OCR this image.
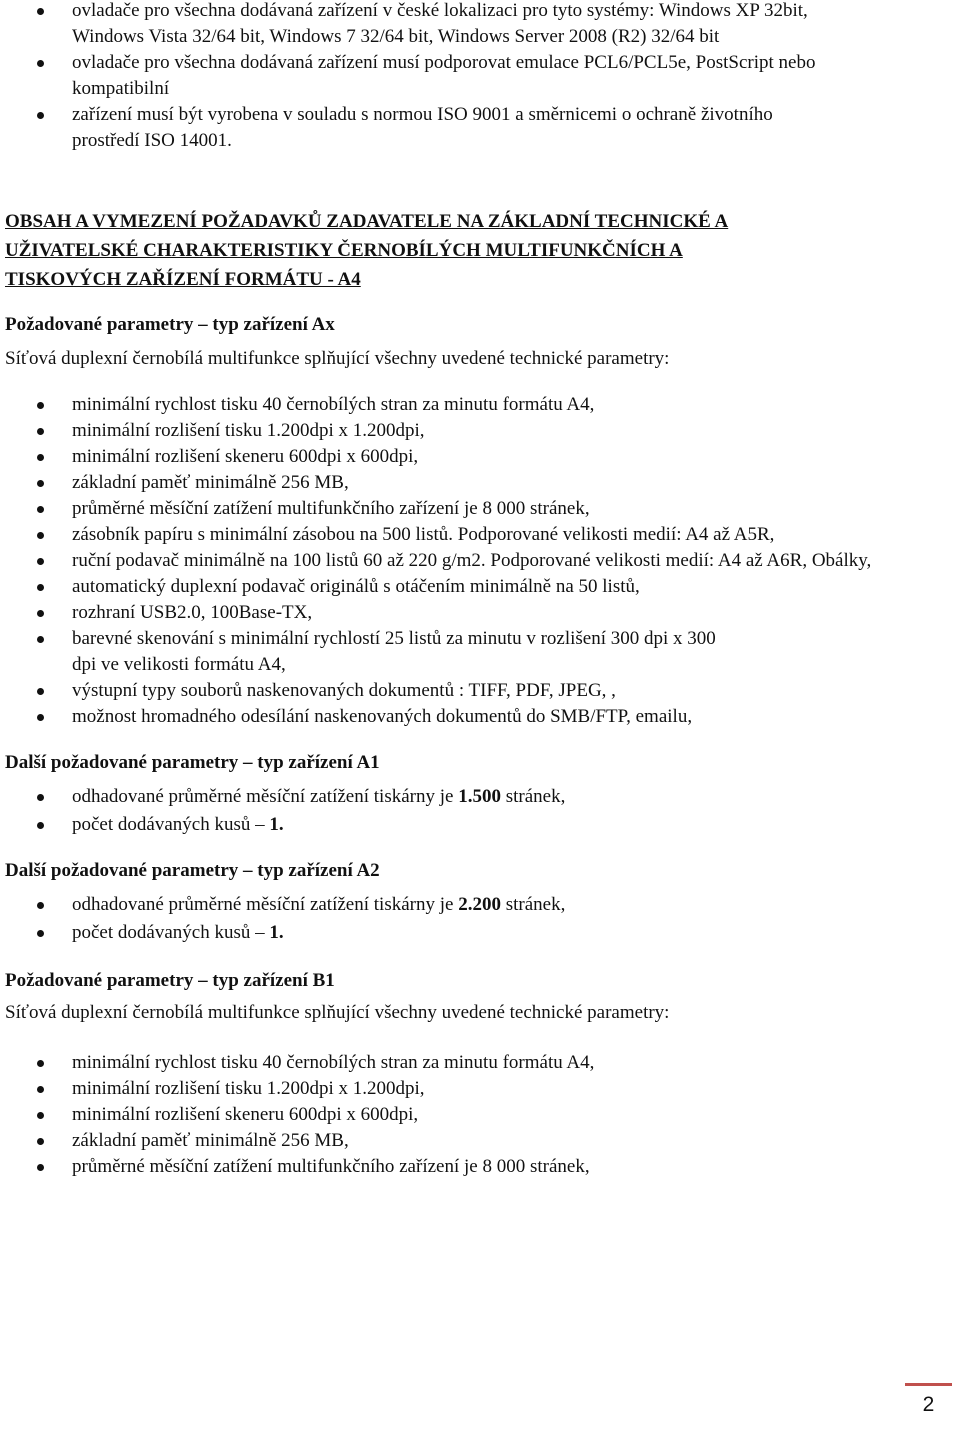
ovladače pro všechna dodávaná zařízení v české lokalizaci pro tyto systémy: Windows XP 32bit, Windows Vista 32/64 bit, Windows 7 32/64 bit, Windows Server 2008 (R2) 32/64 bit
ovladače pro všechna dodávaná zařízení musí podporovat emulace PCL6/PCL5e, PostScript nebo kompatibilní
zařízení musí být vyrobena v souladu s normou ISO 9001 a směrnicemi o ochraně životního prostředí ISO 14001.

OBSAH A VYMEZENÍ POŽADAVKŮ ZADAVATELE NA ZÁKLADNÍ TECHNICKÉ A UŽIVATELSKÉ CHARAKTERISTIKY ČERNOBÍLÝCH MULTIFUNKČNÍCH A TISKOVÝCH ZAŘÍZENÍ FORMÁTU - A4

Požadované parametry – typ zařízení Ax

Síťová duplexní černobílá multifunkce splňující všechny uvedené technické parametry:

minimální rychlost tisku 40 černobílých stran za minutu formátu A4,
minimální rozlišení tisku 1.200dpi x 1.200dpi,
minimální rozlišení skeneru 600dpi x 600dpi,
základní paměť minimálně 256 MB,
průměrné měsíční zatížení multifunkčního zařízení je 8 000 stránek,
zásobník papíru s minimální zásobou na 500 listů. Podporované velikosti medií: A4 až A5R,
ruční podavač minimálně na 100 listů 60 až 220 g/m2. Podporované velikosti medií: A4 až A6R, Obálky,
automatický duplexní podavač originálů s otáčením minimálně na 50 listů,
rozhraní USB2.0, 100Base-TX,
barevné skenování s minimální rychlostí 25 listů za minutu v rozlišení 300 dpi x 300 dpi ve velikosti formátu A4,
výstupní typy souborů naskenovaných dokumentů : TIFF, PDF, JPEG, ,
možnost hromadného odesílání naskenovaných dokumentů do SMB/FTP, emailu,

Další požadované parametry – typ zařízení A1

odhadované průměrné měsíční zatížení tiskárny je 1.500 stránek,
počet dodávaných kusů – 1.

Další požadované parametry – typ zařízení A2

odhadované průměrné měsíční zatížení tiskárny je 2.200 stránek,
počet dodávaných kusů – 1.

Požadované parametry – typ zařízení B1

Síťová duplexní černobílá multifunkce splňující všechny uvedené technické parametry:

minimální rychlost tisku 40 černobílých stran za minutu formátu A4,
minimální rozlišení tisku 1.200dpi x 1.200dpi,
minimální rozlišení skeneru 600dpi x 600dpi,
základní paměť minimálně 256 MB,
průměrné měsíční zatížení multifunkčního zařízení je 8 000 stránek,
2
